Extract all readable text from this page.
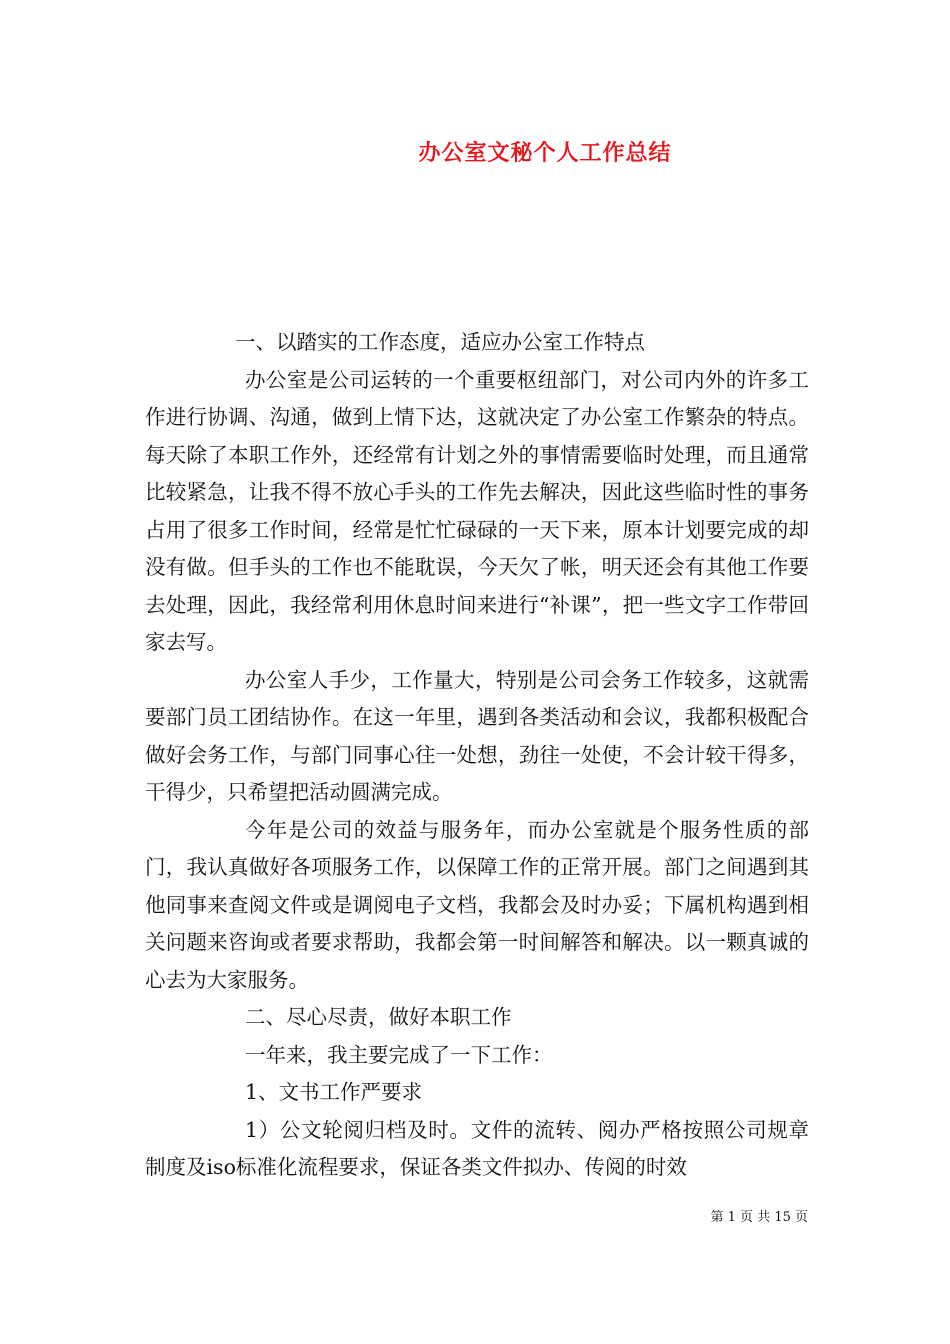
办公室文秘个人工作总结

一、以踏实的工作态度，适应办公室工作特点

办公室是公司运转的一个重要枢纽部门，对公司内外的许多工作进行协调、沟通，做到上情下达，这就决定了办公室工作繁杂的特点。每天除了本职工作外，还经常有计划之外的事情需要临时处理，而且通常比较紧急，让我不得不放心手头的工作先去解决，因此这些临时性的事务占用了很多工作时间，经常是忙忙碌碌的一天下来，原本计划要完成的却没有做。但手头的工作也不能耽误，今天欠了帐，明天还会有其他工作要去处理，因此，我经常利用休息时间来进行“补课”，把一些文字工作带回家去写。

办公室人手少，工作量大，特别是公司会务工作较多，这就需要部门员工团结协作。在这一年里，遇到各类活动和会议，我都积极配合做好会务工作，与部门同事心往一处想，劲往一处使，不会计较干得多，干得少，只希望把活动圆满完成。

今年是公司的效益与服务年，而办公室就是个服务性质的部门，我认真做好各项服务工作，以保障工作的正常开展。部门之间遇到其他同事来查阅文件或是调阅电子文档，我都会及时办妥；下属机构遇到相关问题来咨询或者要求帮助，我都会第一时间解答和解决。以一颗真诚的心去为大家服务。

二、尽心尽责，做好本职工作

一年来，我主要完成了一下工作：

1、文书工作严要求

1）公文轮阅归档及时。文件的流转、阅办严格按照公司规章制度及iso标准化流程要求，保证各类文件拟办、传阅的时效

第 1 页 共 15 页
